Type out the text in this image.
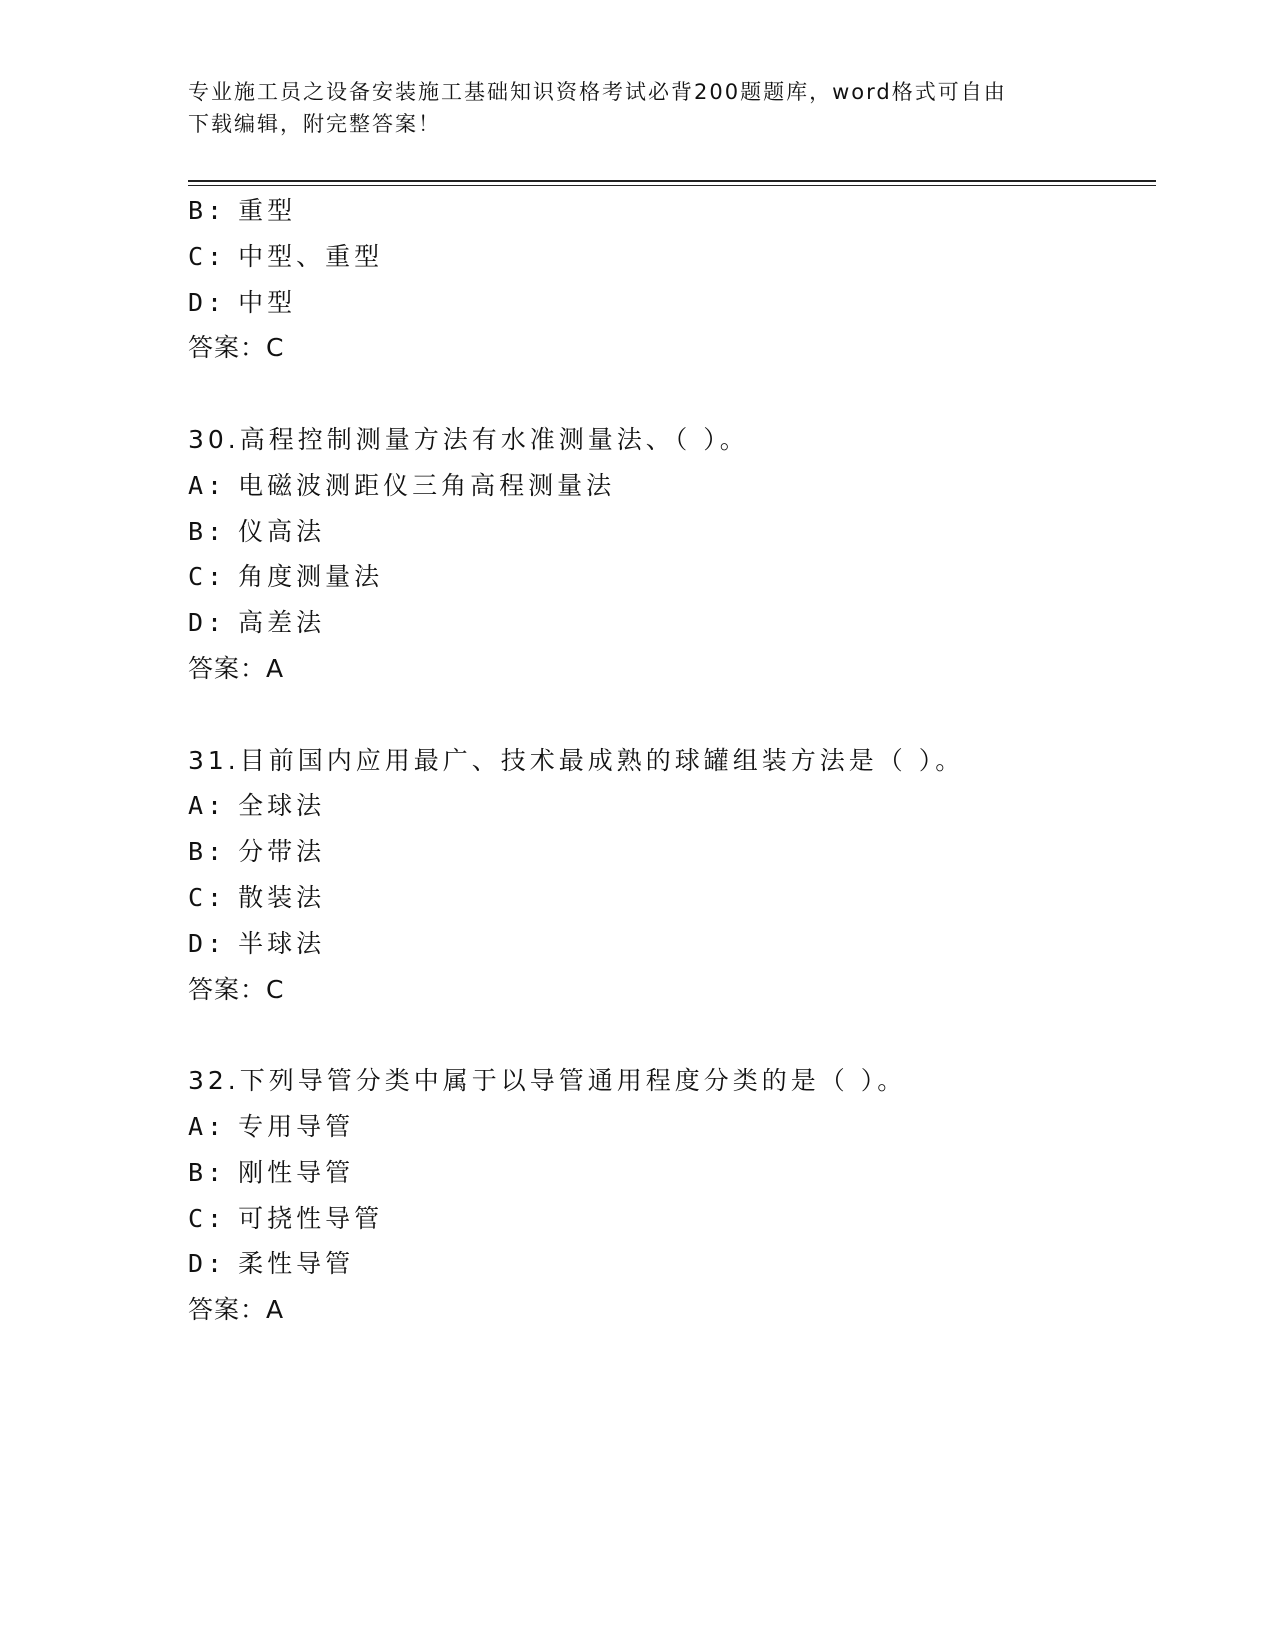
专业施工员之设备安装施工基础知识资格考试必背200题题库，word格式可自由
下载编辑，附完整答案！
B: 重型
C: 中型、重型
D: 中型
答案：C
30.高程控制测量方法有水准测量法、（ ）。
A: 电磁波测距仪三角高程测量法
B: 仪高法
C: 角度测量法
D: 高差法
答案：A
31.目前国内应用最广、技术最成熟的球罐组装方法是（ ）。
A: 全球法
B: 分带法
C: 散装法
D: 半球法
答案：C
32.下列导管分类中属于以导管通用程度分类的是（ ）。
A: 专用导管
B: 刚性导管
C: 可挠性导管
D: 柔性导管
答案：A
